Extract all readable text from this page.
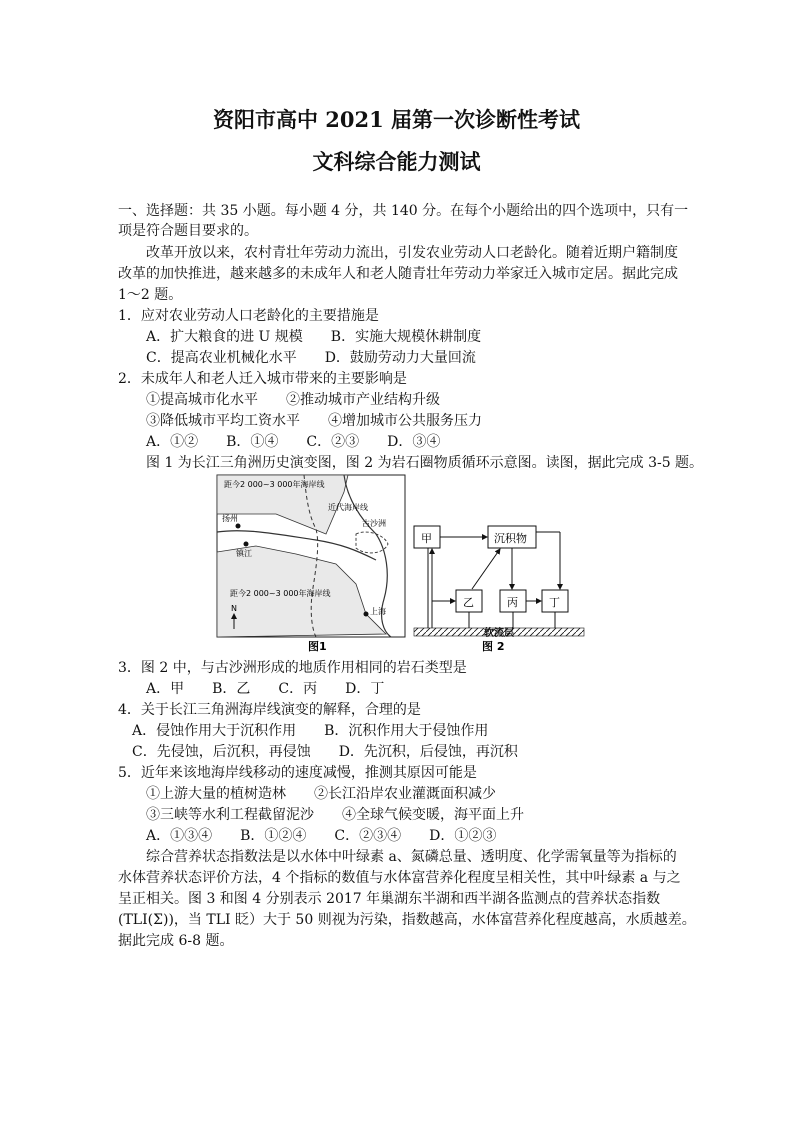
资阳市高中 2021 届第一次诊断性考试
文科综合能力测试
一、选择题：共 35 小题。每小题 4 分，共 140 分。在每个小题给出的四个选项中，只有一
项是符合题目要求的。
改革开放以来，农村青壮年劳动力流出，引发农业劳动人口老龄化。随着近期户籍制度
改革的加快推进，越来越多的未成年人和老人随青壮年劳动力举家迁入城市定居。据此完成
1～2 题。
1．应对农业劳动人口老龄化的主要措施是
A．扩大粮食的进 U 规模　　B．实施大规模休耕制度
C．提高农业机械化水平　　D．鼓励劳动力大量回流
2．未成年人和老人迁入城市带来的主要影响是
①提高城市化水平　　②推动城市产业结构升级
③降低城市平均工资水平　　④增加城市公共服务压力
A．①②　　B．①④　　C．②③　　D．③④
图 1 为长江三角洲历史演变图，图 2 为岩石圈物质循环示意图。读图，据此完成 3-5 题。
距今2 000~3 000年海岸线
近代海岸线
古沙洲
扬州
镇江
距今2 000~3 000年海岸线
上海
N
图1
甲	沉积物
乙	丙	丁
软流层
图 2
3．图 2 中，与古沙洲形成的地质作用相同的岩石类型是
A．甲　　B．乙　　C．丙　　D．丁
4．关于长江三角洲海岸线演变的解释，合理的是
A．侵蚀作用大于沉积作用　　B．沉积作用大于侵蚀作用
C．先侵蚀，后沉积，再侵蚀　　D．先沉积，后侵蚀，再沉积
5．近年来该地海岸线移动的速度减慢，推测其原因可能是
①上游大量的植树造林　　②长江沿岸农业灌溉面积减少
③三峡等水利工程截留泥沙　　④全球气候变暖，海平面上升
A．①③④　　B．①②④　　C．②③④　　D．①②③
综合营养状态指数法是以水体中叶绿素 a、氮磷总量、透明度、化学需氧量等为指标的
水体营养状态评价方法，4 个指标的数值与水体富营养化程度呈相关性，其中叶绿素 a 与之
呈正相关。图 3 和图 4 分别表示 2017 年巢湖东半湖和西半湖各监测点的营养状态指数
(TLI(Σ))，当 TLI 眨）大于 50 则视为污染，指数越高，水体富营养化程度越高，水质越差。
据此完成 6-8 题。
